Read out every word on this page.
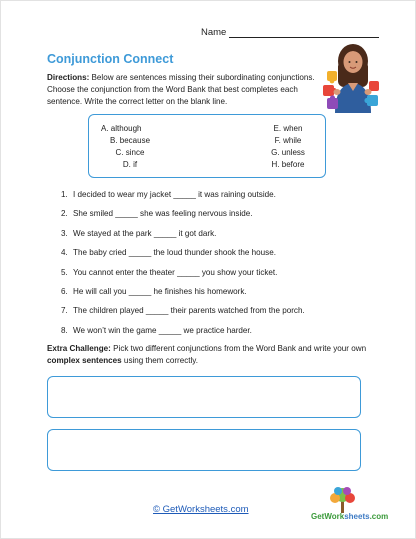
Name
Conjunction Connect
Directions: Below are sentences missing their subordinating conjunctions. Choose the conjunction from the Word Bank that best completes each sentence. Write the correct letter on the blank line.
A. although
B. because
C. since
D. if
E. when
F. while
G. unless
H. before
1. I decided to wear my jacket _____ it was raining outside.
2. She smiled _____ she was feeling nervous inside.
3. We stayed at the park _____ it got dark.
4. The baby cried _____ the loud thunder shook the house.
5. You cannot enter the theater _____ you show your ticket.
6. He will call you _____ he finishes his homework.
7. The children played _____ their parents watched from the porch.
8. We won’t win the game _____ we practice harder.
Extra Challenge: Pick two different conjunctions from the Word Bank and write your own complex sentences using them correctly.
© GetWorksheets.com
GetWorksheets.com
